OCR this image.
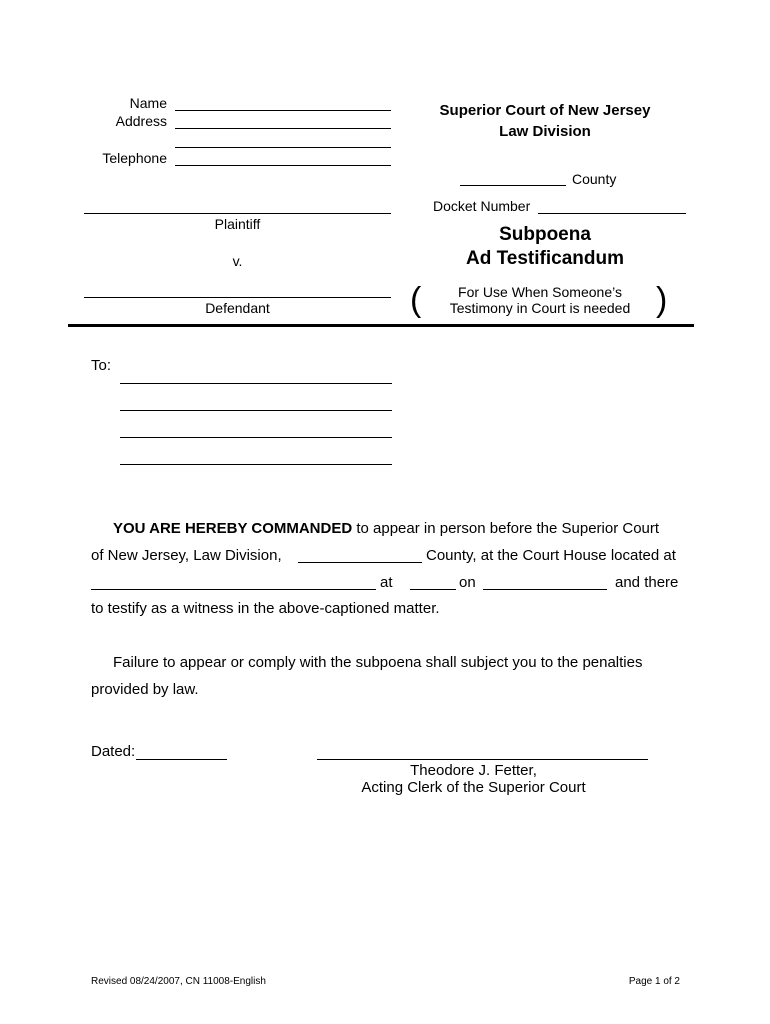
Name
Address
Telephone
Plaintiff
v.
Defendant
Superior Court of New Jersey
Law Division
County
Docket Number
Subpoena
Ad Testificandum
(	For Use When Someone’s
Testimony in Court is needed )
To:
YOU ARE HEREBY COMMANDED to appear in person before the Superior Court
of New Jersey, Law Division,	County, at the Court House located at
at	on	and there
to testify as a witness in the above-captioned matter.
Failure to appear or comply with the subpoena shall subject you to the penalties
provided by law.
Dated:
Theodore J. Fetter,
Acting Clerk of the Superior Court
Revised 08/24/2007, CN 11008-English	Page 1 of 2
